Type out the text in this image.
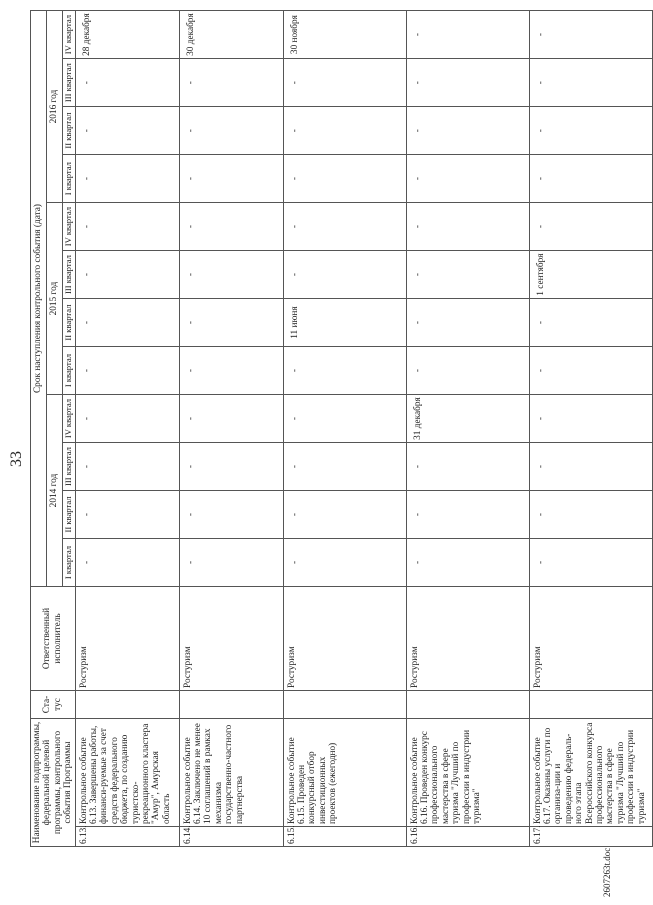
33
2607263t.doc
Наименование подпрограммы, федеральной целевой программы, контрольного события Программы		Ста-тус	Ответственный исполнитель	Срок наступления контрольного события (дата)											
				2014 год				2015 год				2016 год			
				I квартал	II квартал	III квартал	IV квартал	I квартал	II квартал	III квартал	IV квартал	I квартал	II квартал	III квартал	IV квартал
6.13.	Контрольное событие 6.13. Завершены работы, финанси-руемые за счет средств федерального бюджета, по созданию туристско-рекреационного кластера "Амур", Амурская область		Ростуризм	-	-	-	-	-	-	-	-	-	-	-	28 декабря
6.14.	Контрольное событие 6.14. Заключено не менее 10 соглашений в рамках механизма государственно-частного партнерства		Ростуризм	-	-	-	-	-	-	-	-	-	-	-	30 декабря
6.15.	Контрольное событие 6.15. Проведен конкурсный отбор инвестиционных проектов (ежегодно)		Ростуризм	-	-	-	-	-	11 июня	-	-	-	-	-	30 ноября
6.16.	Контрольное событие 6.16. Проведен конкурс профессионального мастерства в сфере туризма "Лучший по профессии в индустрии туризма"		Ростуризм	-	-	-	31 декабря	-	-	-	-	-	-	-	-
6.17.	Контрольное событие 6.17. Оказаны услуги по организа-ции и проведению федераль-ного этапа Всероссийского конкурса профессионального мастерства в сфере туризма "Лучший по профессии в индустрии туризма"		Ростуризм	-	-	-	-	-	-	1 сентября	-	-	-	-	-
